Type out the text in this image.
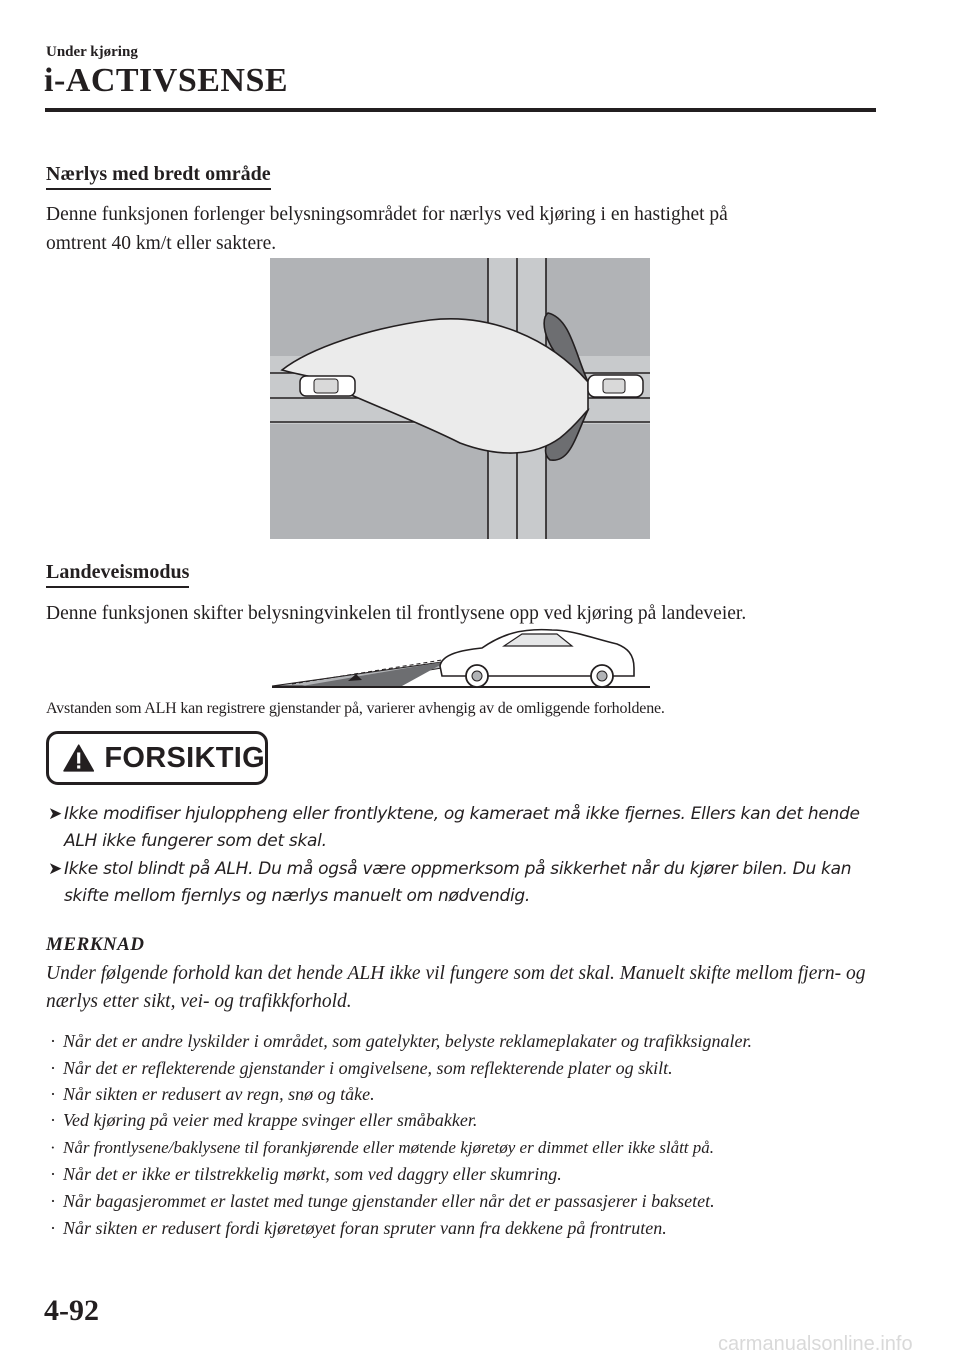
Under kjøring
i-ACTIVSENSE
Nærlys med bredt område
Denne funksjonen forlenger belysningsområdet for nærlys ved kjøring i en hastighet på
omtrent 40 km/t eller saktere.
Landeveismodus
Denne funksjonen skifter belysningvinkelen til frontlysene opp ved kjøring på landeveier.
Avstanden som ALH kan registrere gjenstander på, varierer avhengig av de omliggende forholdene.
FORSIKTIG
➤ Ikke modifiser hjuloppheng eller frontlyktene, og kameraet må ikke fjernes. Ellers kan det hende ALH ikke fungerer som det skal.
➤ Ikke stol blindt på ALH. Du må også være oppmerksom på sikkerhet når du kjører bilen. Du kan skifte mellom fjernlys og nærlys manuelt om nødvendig.
MERKNAD
Under følgende forhold kan det hende ALH ikke vil fungere som det skal. Manuelt skifte mellom fjern- og nærlys etter sikt, vei- og trafikkforhold.
· Når det er andre lyskilder i området, som gatelykter, belyste reklameplakater og trafikksignaler.
· Når det er reflekterende gjenstander i omgivelsene, som reflekterende plater og skilt.
· Når sikten er redusert av regn, snø og tåke.
· Ved kjøring på veier med krappe svinger eller småbakker.
· Når frontlysene/baklysene til forankjørende eller møtende kjøretøy er dimmet eller ikke slått på.
· Når det er ikke er tilstrekkelig mørkt, som ved daggry eller skumring.
· Når bagasjerommet er lastet med tunge gjenstander eller når det er passasjerer i baksetet.
· Når sikten er redusert fordi kjøretøyet foran spruter vann fra dekkene på frontruten.
4-92
carmanualsonline.info
